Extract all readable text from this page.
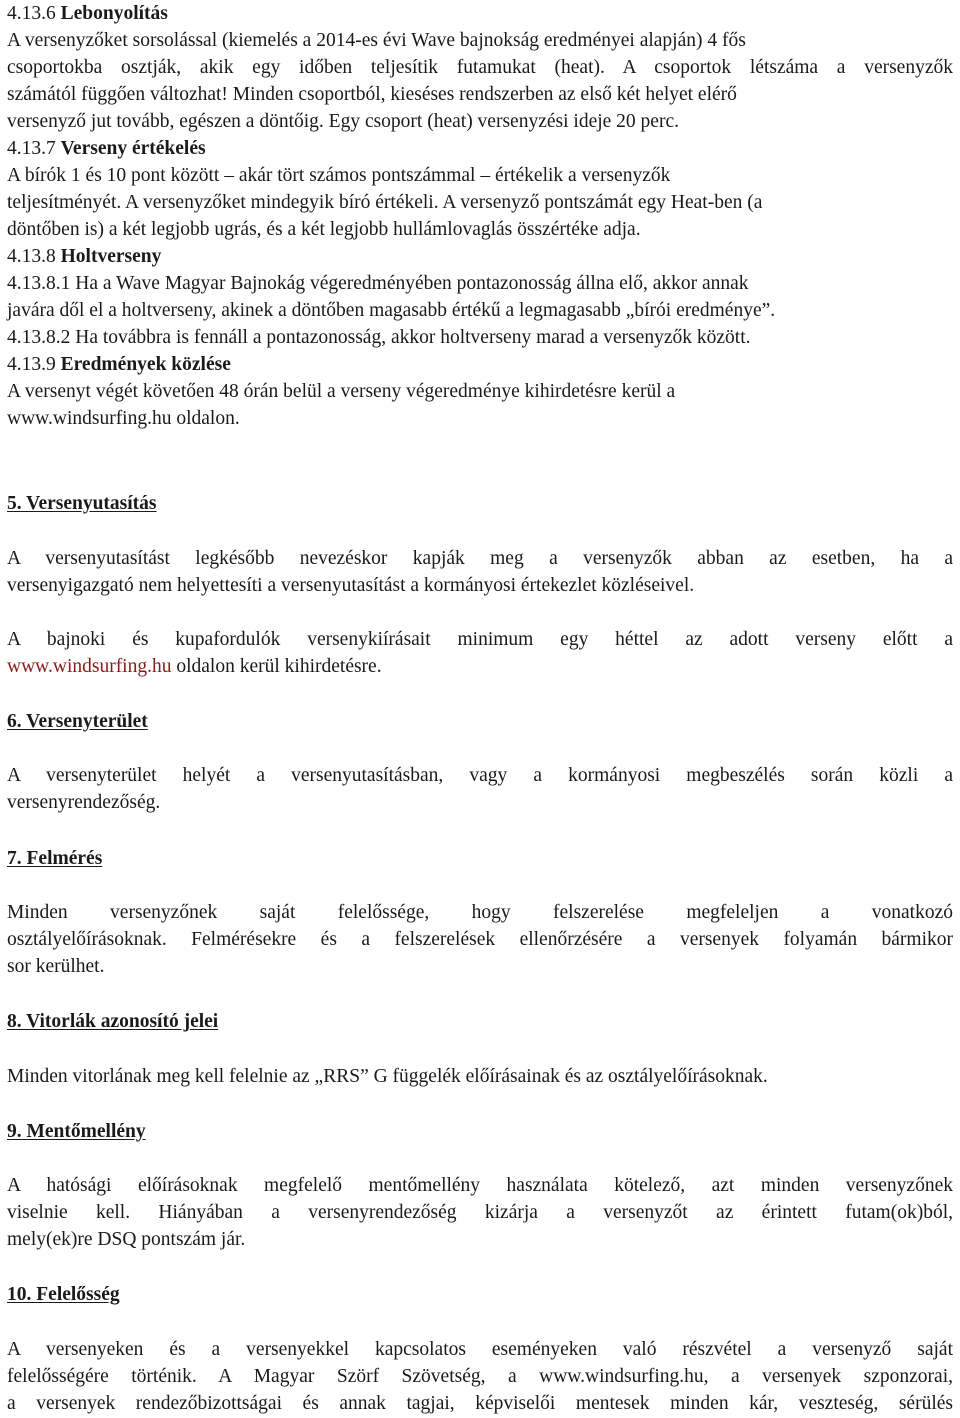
4.13.6 Lebonyolítás
A versenyzőket sorsolással (kiemelés a 2014-es évi Wave bajnokság eredményei alapján) 4 fős
csoportokba osztják, akik egy időben teljesítik futamukat (heat). A csoportok létszáma a versenyzők
számától függően változhat! Minden csoportból, kieséses rendszerben az első két helyet elérő
versenyző jut tovább, egészen a döntőig. Egy csoport (heat) versenyzési ideje 20 perc.
4.13.7 Verseny értékelés
A bírók 1 és 10 pont között – akár tört számos pontszámmal – értékelik a versenyzők
teljesítményét. A versenyzőket mindegyik bíró értékeli. A versenyző pontszámát egy Heat-ben (a
döntőben is) a két legjobb ugrás, és a két legjobb hullámlovaglás összértéke adja.
4.13.8 Holtverseny
4.13.8.1 Ha a Wave Magyar Bajnokág végeredményében pontazonosság állna elő, akkor annak
javára dől el a holtverseny, akinek a döntőben magasabb értékű a legmagasabb „bírói eredménye”.
4.13.8.2 Ha továbbra is fennáll a pontazonosság, akkor holtverseny marad a versenyzők között.
4.13.9 Eredmények közlése
A versenyt végét követően 48 órán belül a verseny végeredménye kihirdetésre kerül a
www.windsurfing.hu oldalon.
5. Versenyutasítás
A versenyutasítást legkésőbb nevezéskor kapják meg a versenyzők abban az esetben, ha a
versenyigazgató nem helyettesíti a versenyutasítást a kormányosi értekezlet közléseivel.
A bajnoki és kupafordulók versenykiírásait minimum egy héttel az adott verseny előtt a
www.windsurfing.hu oldalon kerül kihirdetésre.
6. Versenyterület
A versenyterület helyét a versenyutasításban, vagy a kormányosi megbeszélés során közli a
versenyrendezőség.
7. Felmérés
Minden versenyzőnek saját felelőssége, hogy felszerelése megfeleljen a vonatkozó
osztályelőírásoknak. Felmérésekre és a felszerelések ellenőrzésére a versenyek folyamán bármikor
sor kerülhet.
8. Vitorlák azonosító jelei
Minden vitorlának meg kell felelnie az „RRS” G függelék előírásainak és az osztályelőírásoknak.
9. Mentőmellény
A hatósági előírásoknak megfelelő mentőmellény használata kötelező, azt minden versenyzőnek
viselnie kell. Hiányában a versenyrendezőség kizárja a versenyzőt az érintett futam(ok)ból,
mely(ek)re DSQ pontszám jár.
10. Felelősség
A versenyeken és a versenyekkel kapcsolatos eseményeken való részvétel a versenyző saját
felelősségére történik. A Magyar Szörf Szövetség, a www.windsurfing.hu, a versenyek szponzorai,
a versenyek rendezőbizottságai és annak tagjai, képviselői mentesek minden kár, veszteség, sérülés
